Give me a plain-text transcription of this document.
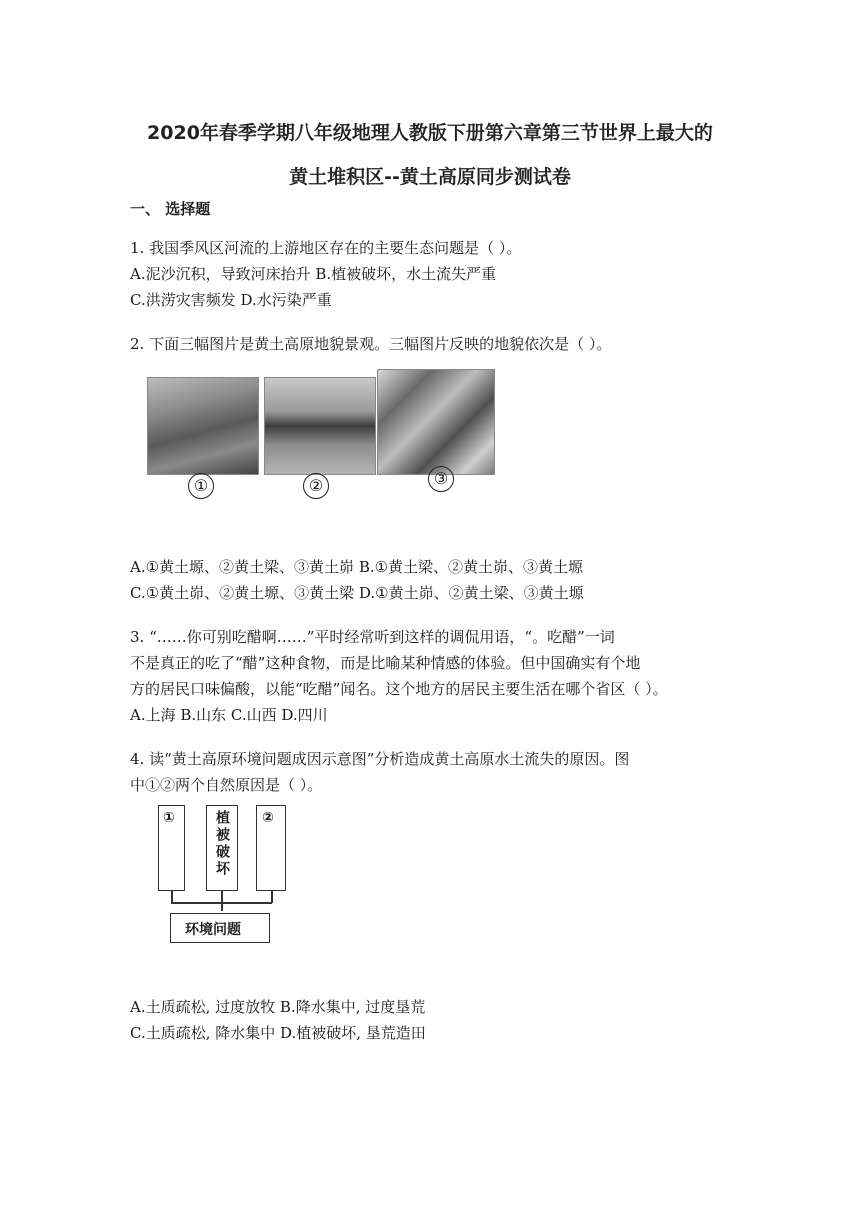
2020年春季学期八年级地理人教版下册第六章第三节世界上最大的
黄土堆积区--黄土高原同步测试卷
一、 选择题
1. 我国季风区河流的上游地区存在的主要生态问题是（ ）。
A.泥沙沉积，导致河床抬升 B.植被破坏，水土流失严重
C.洪涝灾害频发 D.水污染严重
2. 下面三幅图片是黄土高原地貌景观。三幅图片反映的地貌依次是（ ）。
①	②	③
A.①黄土塬、②黄土梁、③黄土峁 B.①黄土梁、②黄土峁、③黄土塬
C.①黄土峁、②黄土塬、③黄土梁 D.①黄土峁、②黄土梁、③黄土塬
3. “……你可别吃醋啊……”平时经常听到这样的调侃用语，“。吃醋”一词
不是真正的吃了“醋”这种食物，而是比喻某种情感的体验。但中国确实有个地
方的居民口味偏酸，以能“吃醋”闻名。这个地方的居民主要生活在哪个省区（ ）。
A.上海 B.山东 C.山西 D.四川
4. 读“黄土高原环境问题成因示意图”分析造成黄土高原水土流失的原因。图
中①②两个自然原因是（ ）。
①	植被破坏 ②
环境问题
A.土质疏松, 过度放牧 B.降水集中, 过度垦荒
C.土质疏松, 降水集中 D.植被破坏, 垦荒造田
